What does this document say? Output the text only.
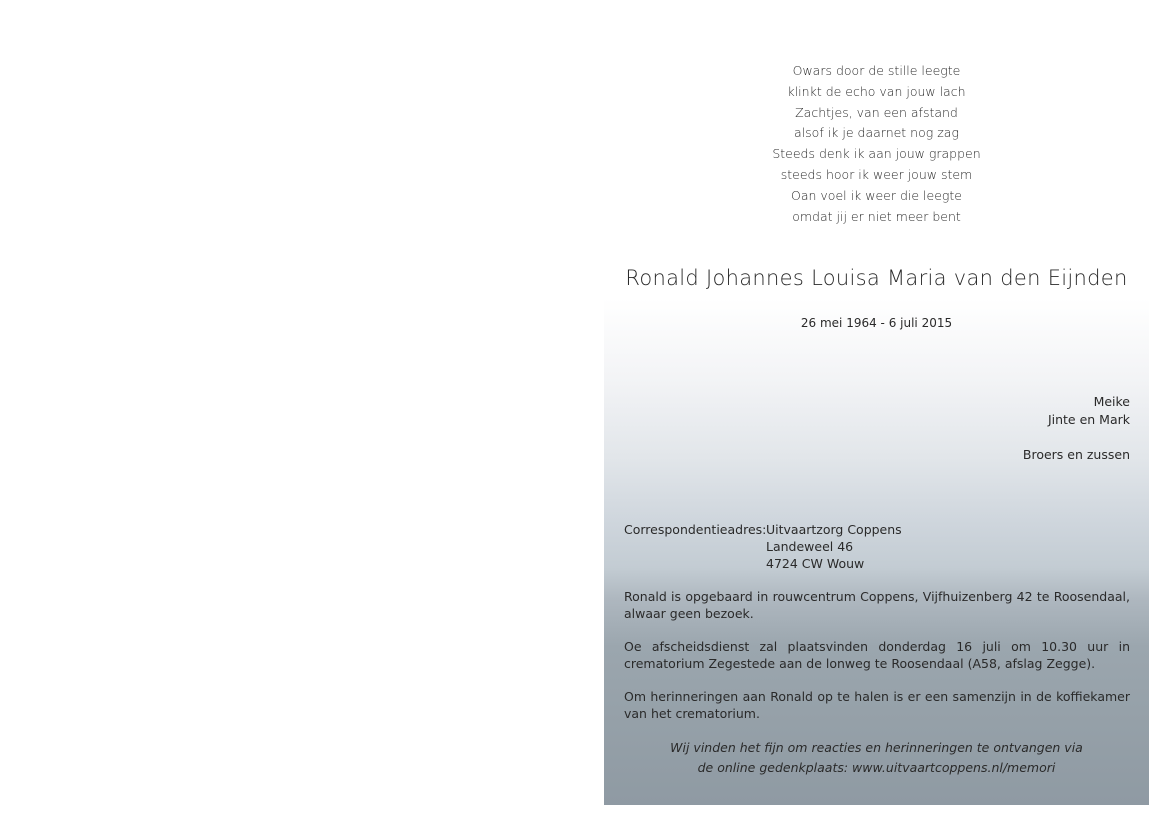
Owars door de stille leegte
klinkt de echo van jouw lach
Zachtjes, van een afstand
alsof ik je daarnet nog zag
Steeds denk ik aan jouw grappen
steeds hoor ik weer jouw stem
Oan voel ik weer die leegte
omdat jij er niet meer bent
Ronald Johannes Louisa Maria van den Eijnden
26 mei 1964 - 6 juli 2015
Meike
Jinte en Mark
Broers en zussen
Correspondentieadres: Uitvaartzorg Coppens
Landeweel 46
4724 CW Wouw
Ronald is opgebaard in rouwcentrum Coppens, Vijfhuizenberg 42 te Roosendaal, alwaar geen bezoek.
Oe afscheidsdienst zal plaatsvinden donderdag 16 juli om 10.30 uur in crematorium Zegestede aan de lonweg te Roosendaal (A58, afslag Zegge).
Om herinneringen aan Ronald op te halen is er een samenzijn in de koffiekamer van het crematorium.
Wij vinden het fijn om reacties en herinneringen te ontvangen via
de online gedenkplaats: www.uitvaartcoppens.nl/memori
